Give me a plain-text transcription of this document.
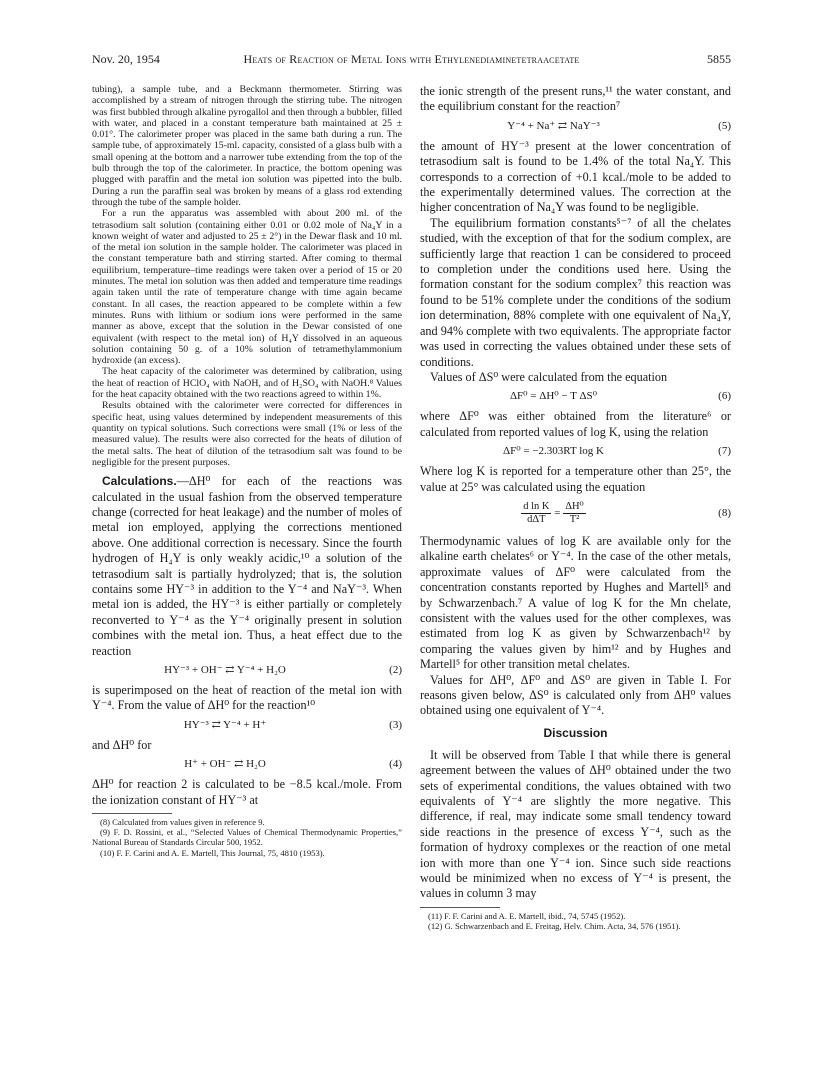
Nov. 20, 1954	Heats of Reaction of Metal Ions with Ethylenediaminetetraacetate	5855

tubing), a sample tube, and a Beckmann thermometer. Stirring was accomplished by a stream of nitrogen through the stirring tube. The nitrogen was first bubbled through alkaline pyrogallol and then through a bubbler, filled with water, and placed in a constant temperature bath maintained at 25 ± 0.01°. The calorimeter proper was placed in the same bath during a run. The sample tube, of approximately 15-ml. capacity, consisted of a glass bulb with a small opening at the bottom and a narrower tube extending from the top of the bulb through the top of the calorimeter. In practice, the bottom opening was plugged with paraffin and the metal ion solution was pipetted into the bulb. During a run the paraffin seal was broken by means of a glass rod extending through the tube of the sample holder.

For a run the apparatus was assembled with about 200 ml. of the tetrasodium salt solution (containing either 0.01 or 0.02 mole of Na₄Y in a known weight of water and adjusted to 25 ± 2°) in the Dewar flask and 10 ml. of the metal ion solution in the sample holder. The calorimeter was placed in the constant temperature bath and stirring started. After coming to thermal equilibrium, temperature–time readings were taken over a period of 15 or 20 minutes. The metal ion solution was then added and temperature time readings again taken until the rate of temperature change with time again became constant. In all cases, the reaction appeared to be complete within a few minutes. Runs with lithium or sodium ions were performed in the same manner as above, except that the solution in the Dewar consisted of one equivalent (with respect to the metal ion) of H₄Y dissolved in an aqueous solution containing 50 g. of a 10% solution of tetramethylammonium hydroxide (an excess).

The heat capacity of the calorimeter was determined by calibration, using the heat of reaction of HClO₄ with NaOH, and of H₂SO₄ with NaOH.⁸ Values for the heat capacity obtained with the two reactions agreed to within 1%.

Results obtained with the calorimeter were corrected for differences in specific heat, using values determined by independent measurements of this quantity on typical solutions. Such corrections were small (1% or less of the measured value). The results were also corrected for the heats of dilution of the metal salts. The heat of dilution of the tetrasodium salt was found to be negligible for the present purposes.

Calculations.—ΔH⁰ for each of the reactions was calculated in the usual fashion from the observed temperature change (corrected for heat leakage) and the number of moles of metal ion employed, applying the corrections mentioned above. One additional correction is necessary. Since the fourth hydrogen of H₄Y is only weakly acidic,¹⁰ a solution of the tetrasodium salt is partially hydrolyzed; that is, the solution contains some HY⁻³ in addition to the Y⁻⁴ and NaY⁻³. When metal ion is added, the HY⁻³ is either partially or completely reconverted to Y⁻⁴ as the Y⁻⁴ originally present in solution combines with the metal ion. Thus, a heat effect due to the reaction

HY⁻³ + OH⁻ ⇄ Y⁻⁴ + H₂O	(2)

is superimposed on the heat of reaction of the metal ion with Y⁻⁴. From the value of ΔH⁰ for the reaction¹⁰

HY⁻³ ⇄ Y⁻⁴ + H⁺	(3)

and ΔH⁰ for

H⁺ + OH⁻ ⇄ H₂O	(4)

ΔH⁰ for reaction 2 is calculated to be −8.5 kcal./mole. From the ionization constant of HY⁻³ at

(8) Calculated from values given in reference 9.

(9) F. D. Rossini, et al., “Selected Values of Chemical Thermodynamic Properties,” National Bureau of Standards Circular 500, 1952.

(10) F. F. Carini and A. E. Martell, This Journal, 75, 4810 (1953).

the ionic strength of the present runs,¹¹ the water constant, and the equilibrium constant for the reaction⁷

Y⁻⁴ + Na⁺ ⇄ NaY⁻³	(5)

the amount of HY⁻³ present at the lower concentration of tetrasodium salt is found to be 1.4% of the total Na₄Y. This corresponds to a correction of +0.1 kcal./mole to be added to the experimentally determined values. The correction at the higher concentration of Na₄Y was found to be negligible.

The equilibrium formation constants⁵⁻⁷ of all the chelates studied, with the exception of that for the sodium complex, are sufficiently large that reaction 1 can be considered to proceed to completion under the conditions used here. Using the formation constant for the sodium complex⁷ this reaction was found to be 51% complete under the conditions of the sodium ion determination, 88% complete with one equivalent of Na₄Y, and 94% complete with two equivalents. The appropriate factor was used in correcting the values obtained under these sets of conditions.

Values of ΔS⁰ were calculated from the equation

ΔF⁰ = ΔH⁰ − T ΔS⁰	(6)

where ΔF⁰ was either obtained from the literature⁶ or calculated from reported values of log K, using the relation

ΔF⁰ = −2.303RT log K	(7)

Where log K is reported for a temperature other than 25°, the value at 25° was calculated using the equation

$\frac{\text{d ln K}}{\text{dΔT}} = \frac{\text{ΔH⁰}}{\text{T²}}$	(8)

Thermodynamic values of log K are available only for the alkaline earth chelates⁶ or Y⁻⁴. In the case of the other metals, approximate values of ΔF⁰ were calculated from the concentration constants reported by Hughes and Martell⁵ and by Schwarzenbach.⁷ A value of log K for the Mn chelate, consistent with the values used for the other complexes, was estimated from log K as given by Schwarzenbach¹² by comparing the values given by him¹² and by Hughes and Martell⁵ for other transition metal chelates.

Values for ΔH⁰, ΔF⁰ and ΔS⁰ are given in Table I. For reasons given below, ΔS⁰ is calculated only from ΔH⁰ values obtained using one equivalent of Y⁻⁴.

Discussion

It will be observed from Table I that while there is general agreement between the values of ΔH⁰ obtained under the two sets of experimental conditions, the values obtained with two equivalents of Y⁻⁴ are slightly the more negative. This difference, if real, may indicate some small tendency toward side reactions in the presence of excess Y⁻⁴, such as the formation of hydroxy complexes or the reaction of one metal ion with more than one Y⁻⁴ ion. Since such side reactions would be minimized when no excess of Y⁻⁴ is present, the values in column 3 may

(11) F. F. Carini and A. E. Martell, ibid., 74, 5745 (1952).

(12) G. Schwarzenbach and E. Freitag, Helv. Chim. Acta, 34, 576 (1951).
